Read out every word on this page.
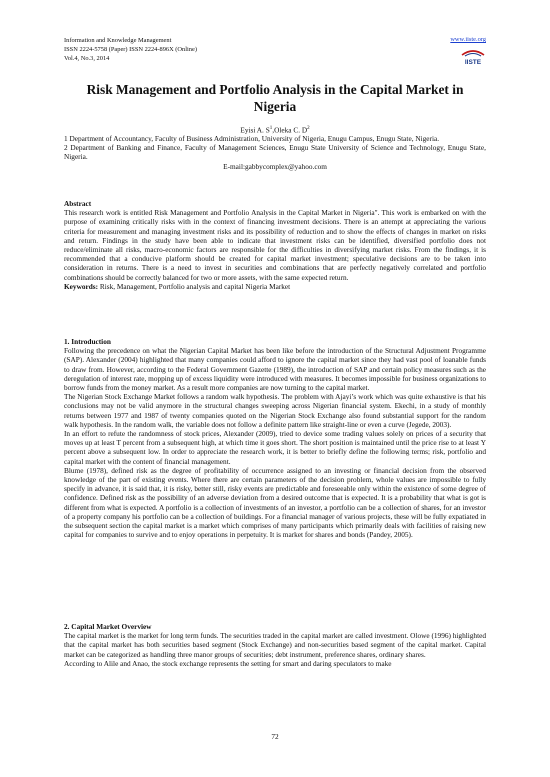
Information and Knowledge Management
ISSN 2224-5758 (Paper) ISSN 2224-896X (Online)
Vol.4, No.3, 2014
www.iiste.org
IISTE
Risk Management and Portfolio Analysis in the Capital Market in Nigeria
Eyisi A. $S^1,Oleka$ C. $D^2$

1 Department of Accountancy, Faculty of Business Administration, University of Nigeria, Enugu Campus, Enugu State, Nigeria.

2 Department of Banking and Finance, Faculty of Management Sciences, Enugu State University of Science and Technology, Enugu State, Nigeria.

E-mail:gabbycomplex@yahoo.com

Abstract

This research work is entitled Risk Management and Portfolio Analysis in the Capital Market in Nigeria". This work is embarked on with the purpose of examining critically risks with in the context of financing investment decisions. There is an attempt at appreciating the various criteria for measurement and managing investment risks and its possibility of reduction and to show the effects of changes in market on risks and return. Findings in the study have been able to indicate that investment risks can be identified, diversified portfolio does not reduce/eliminate all risks, macro-economic factors are responsible for the difficulties in diversifying market risks. From the findings, it is recommended that a conducive platform should be created for capital market investment; speculative decisions are to be taken into consideration in returns. There is a need to invest in securities and combinations that are perfectly negatively correlated and portfolio combinations should be correctly balanced for two or more assets, with the same expected return.

Keywords: Risk, Management, Portfolio analysis and capital Nigeria Market

1. Introduction

Following the precedence on what the Nigerian Capital Market has been like before the introduction of the Structural Adjustment Programme (SAP). Alexander (2004) highlighted that many companies could afford to ignore the capital market since they had vast pool of loanable funds to draw from. However, according to the Federal Government Gazette (1989), the introduction of SAP and certain policy measures such as the deregulation of interest rate, mopping up of excess liquidity were introduced with measures. It becomes impossible for business organizations to borrow funds from the money market. As a result more companies are now turning to the capital market.

The Nigerian Stock Exchange Market follows a random walk hypothesis. The problem with Ajayi’s work which was quite exhaustive is that his conclusions may not be valid anymore in the structural changes sweeping across Nigerian financial system. Ekechi, in a study of monthly returns between 1977 and 1987 of twenty companies quoted on the Nigerian Stock Exchange also found substantial support for the random walk hypothesis. In the random walk, the variable does not follow a definite pattern like straight-line or even a curve (Jegede, 2003).

In an effort to refute the randomness of stock prices, Alexander (2009), tried to device some trading values solely on prices of a security that moves up at least T percent from a subsequent high, at which time it goes short. The short position is maintained until the price rise to at least Y percent above a subsequent low. In order to appreciate the research work, it is better to briefly define the following terms; risk, portfolio and capital market with the content of financial management.

Blume (1978), defined risk as the degree of profitability of occurrence assigned to an investing or financial decision from the observed knowledge of the part of existing events. Where there are certain parameters of the decision problem, whole values are impossible to fully specify in advance, it is said that, it is risky, better still, risky events are predictable and foreseeable only within the existence of some degree of confidence. Defined risk as the possibility of an adverse deviation from a desired outcome that is expected. It is a probability that what is got is different from what is expected. A portfolio is a collection of investments of an investor, a portfolio can be a collection of shares, for an investor of a property company his portfolio can be a collection of buildings. For a financial manager of various projects, these will be fully expatiated in the subsequent section the capital market is a market which comprises of many participants which primarily deals with facilities of raising new capital for companies to survive and to enjoy operations in perpetuity. It is market for shares and bonds (Pandey, 2005).

2. Capital Market Overview

The capital market is the market for long term funds. The securities traded in the capital market are called investment. Olowe (1996) highlighted that the capital market has both securities based segment (Stock Exchange) and non-securities based segment of the capital market. Capital market can be categorized as handling three manor groups of securities; debt instrument, preference shares, ordinary shares.

According to Alile and Anao, the stock exchange represents the setting for smart and daring speculators to make

72
